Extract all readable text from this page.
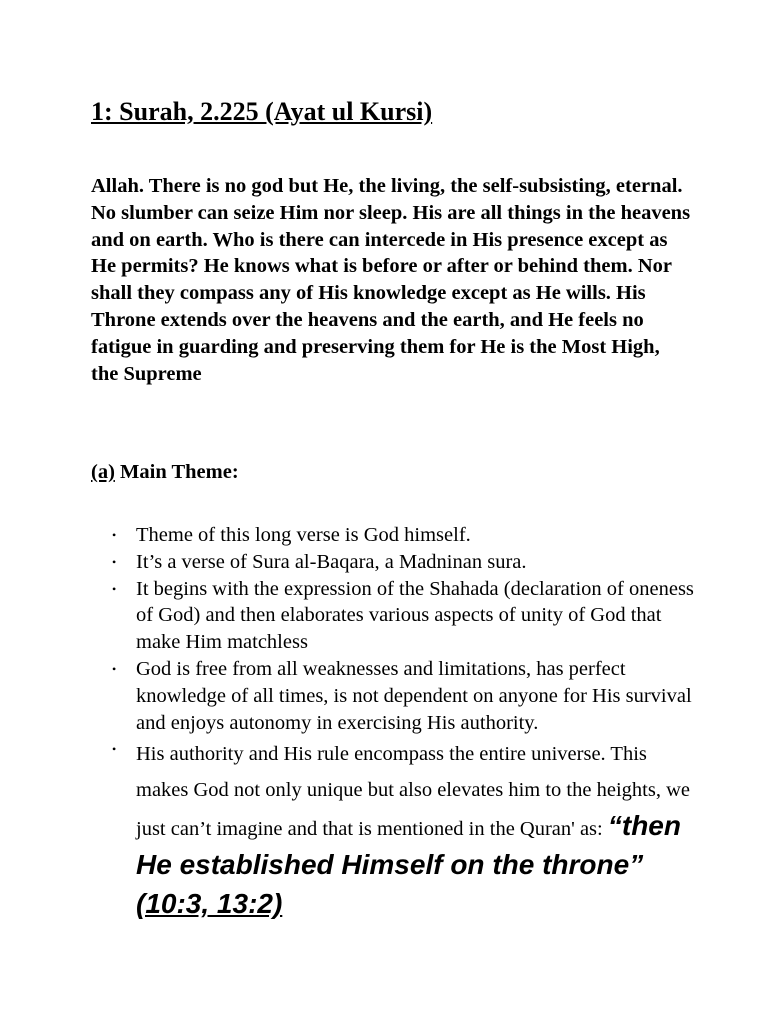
1: Surah, 2.225 (Ayat ul Kursi)

Allah. There is no god but He, the living, the self-subsisting, eternal. No slumber can seize Him nor sleep. His are all things in the heavens and on earth. Who is there can intercede in His presence except as He permits? He knows what is before or after or behind them. Nor shall they compass any of His knowledge except as He wills. His Throne extends over the heavens and the earth, and He feels no fatigue in guarding and preserving them for He is the Most High, the Supreme

(a) Main Theme:
• Theme of this long verse is God himself.
• It’s a verse of Sura al-Baqara, a Madninan sura.
• It begins with the expression of the Shahada (declaration of oneness of God) and then elaborates various aspects of unity of God that make Him matchless
• God is free from all weaknesses and limitations, has perfect knowledge of all times, is not dependent on anyone for His survival and enjoys autonomy in exercising His authority.
• His authority and His rule encompass the entire universe. This makes God not only unique but also elevates him to the heights, we just can’t imagine and that is mentioned in the Quran' as: “then He established Himself on the throne” (10:3, 13:2)
